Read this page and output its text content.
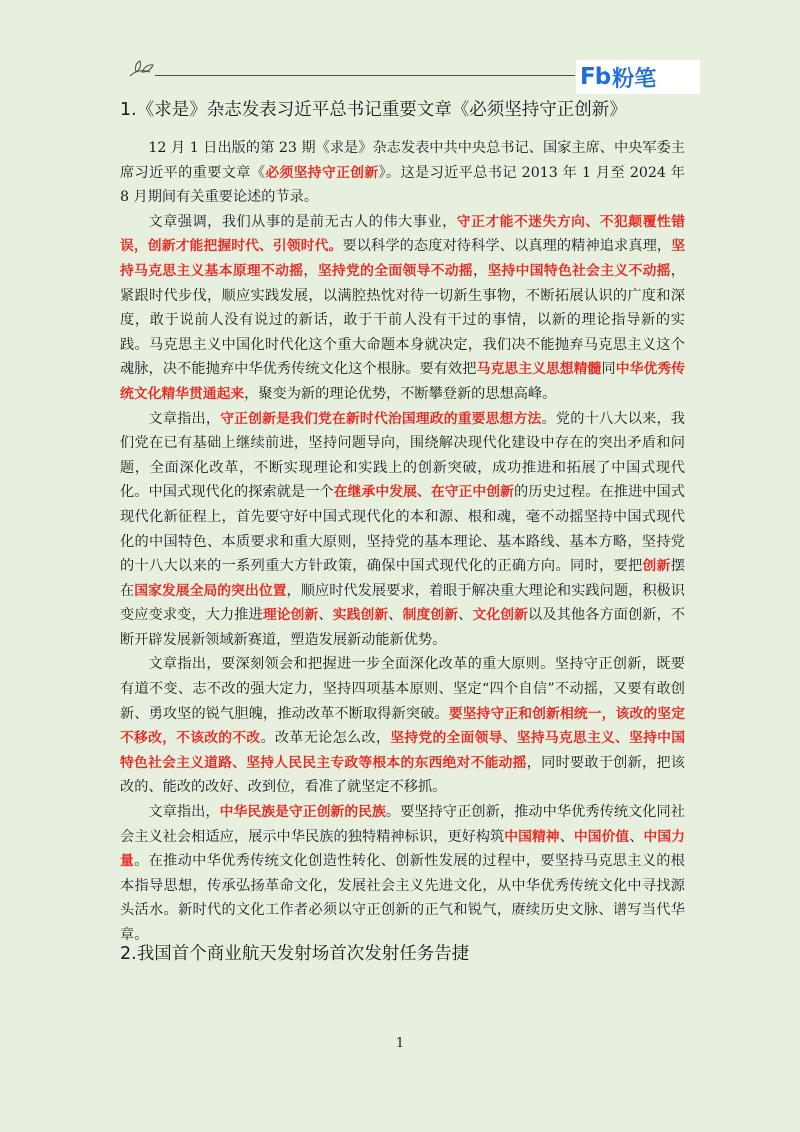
Fb 粉笔
1.《求是》杂志发表习近平总书记重要文章《必须坚持守正创新》

12 月 1 日出版的第 23 期《求是》杂志发表中共中央总书记、国家主席、中央军委主席习近平的重要文章《必须坚持守正创新》。这是习近平总书记 2013 年 1 月至 2024 年 8 月期间有关重要论述的节录。

文章强调，我们从事的是前无古人的伟大事业，守正才能不迷失方向、不犯颠覆性错误，创新才能把握时代、引领时代。要以科学的态度对待科学、以真理的精神追求真理，坚持马克思主义基本原理不动摇，坚持党的全面领导不动摇，坚持中国特色社会主义不动摇，紧跟时代步伐，顺应实践发展，以满腔热忱对待一切新生事物，不断拓展认识的广度和深度，敢于说前人没有说过的新话，敢于干前人没有干过的事情，以新的理论指导新的实践。马克思主义中国化时代化这个重大命题本身就决定，我们决不能抛弃马克思主义这个魂脉，决不能抛弃中华优秀传统文化这个根脉。要有效把马克思主义思想精髓同中华优秀传统文化精华贯通起来，聚变为新的理论优势，不断攀登新的思想高峰。

文章指出，守正创新是我们党在新时代治国理政的重要思想方法。党的十八大以来，我们党在已有基础上继续前进，坚持问题导向，围绕解决现代化建设中存在的突出矛盾和问题，全面深化改革，不断实现理论和实践上的创新突破，成功推进和拓展了中国式现代化。中国式现代化的探索就是一个在继承中发展、在守正中创新的历史过程。在推进中国式现代化新征程上，首先要守好中国式现代化的本和源、根和魂，毫不动摇坚持中国式现代化的中国特色、本质要求和重大原则，坚持党的基本理论、基本路线、基本方略，坚持党的十八大以来的一系列重大方针政策，确保中国式现代化的正确方向。同时，要把创新摆在国家发展全局的突出位置，顺应时代发展要求，着眼于解决重大理论和实践问题，积极识变应变求变，大力推进理论创新、实践创新、制度创新、文化创新以及其他各方面创新，不断开辟发展新领域新赛道，塑造发展新动能新优势。

文章指出，要深刻领会和把握进一步全面深化改革的重大原则。坚持守正创新，既要有道不变、志不改的强大定力，坚持四项基本原则、坚定“四个自信”不动摇，又要有敢创新、勇攻坚的锐气胆魄，推动改革不断取得新突破。要坚持守正和创新相统一，该改的坚定不移改，不该改的不改。改革无论怎么改，坚持党的全面领导、坚持马克思主义、坚持中国特色社会主义道路、坚持人民民主专政等根本的东西绝对不能动摇，同时要敢于创新，把该改的、能改的改好、改到位，看准了就坚定不移抓。

文章指出，中华民族是守正创新的民族。要坚持守正创新，推动中华优秀传统文化同社会主义社会相适应，展示中华民族的独特精神标识，更好构筑中国精神、中国价值、中国力量。在推动中华优秀传统文化创造性转化、创新性发展的过程中，要坚持马克思主义的根本指导思想，传承弘扬革命文化，发展社会主义先进文化，从中华优秀传统文化中寻找源头活水。新时代的文化工作者必须以守正创新的正气和锐气，赓续历史文脉、谱写当代华章。

2.我国首个商业航天发射场首次发射任务告捷
1
